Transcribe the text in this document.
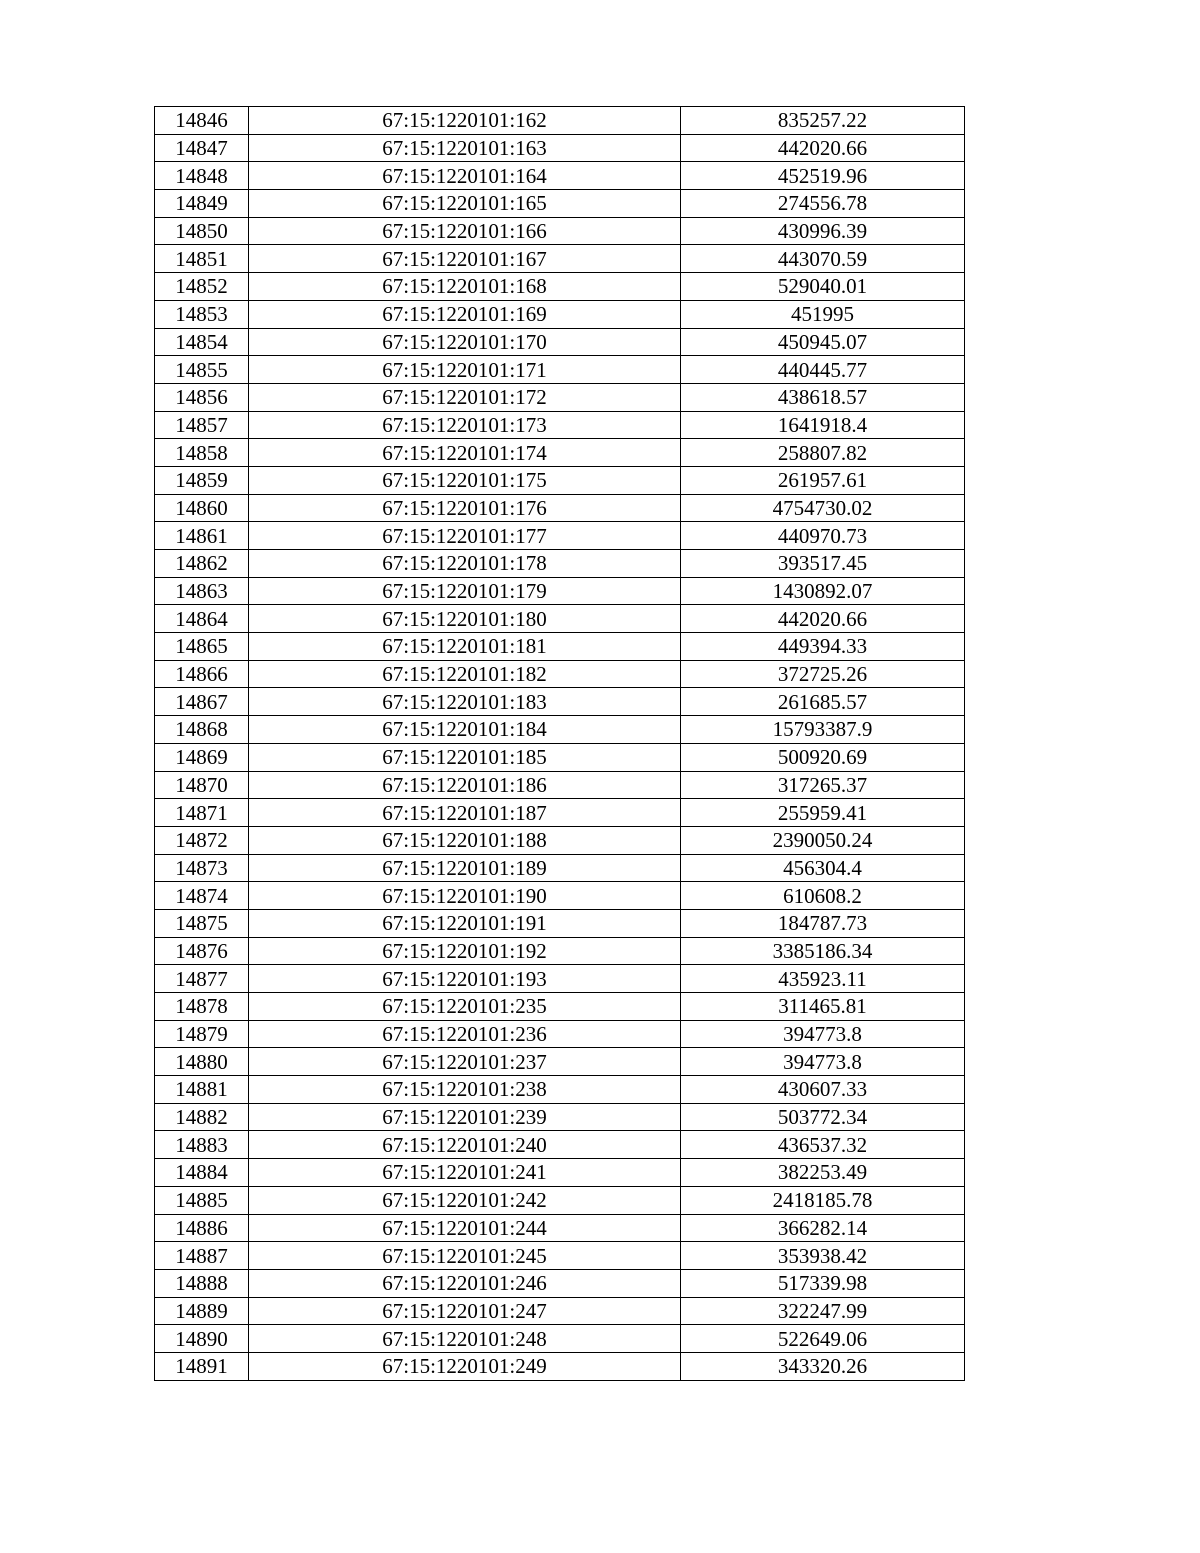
14846	67:15:1220101:162	835257.22
14847	67:15:1220101:163	442020.66
14848	67:15:1220101:164	452519.96
14849	67:15:1220101:165	274556.78
14850	67:15:1220101:166	430996.39
14851	67:15:1220101:167	443070.59
14852	67:15:1220101:168	529040.01
14853	67:15:1220101:169	451995
14854	67:15:1220101:170	450945.07
14855	67:15:1220101:171	440445.77
14856	67:15:1220101:172	438618.57
14857	67:15:1220101:173	1641918.4
14858	67:15:1220101:174	258807.82
14859	67:15:1220101:175	261957.61
14860	67:15:1220101:176	4754730.02
14861	67:15:1220101:177	440970.73
14862	67:15:1220101:178	393517.45
14863	67:15:1220101:179	1430892.07
14864	67:15:1220101:180	442020.66
14865	67:15:1220101:181	449394.33
14866	67:15:1220101:182	372725.26
14867	67:15:1220101:183	261685.57
14868	67:15:1220101:184	15793387.9
14869	67:15:1220101:185	500920.69
14870	67:15:1220101:186	317265.37
14871	67:15:1220101:187	255959.41
14872	67:15:1220101:188	2390050.24
14873	67:15:1220101:189	456304.4
14874	67:15:1220101:190	610608.2
14875	67:15:1220101:191	184787.73
14876	67:15:1220101:192	3385186.34
14877	67:15:1220101:193	435923.11
14878	67:15:1220101:235	311465.81
14879	67:15:1220101:236	394773.8
14880	67:15:1220101:237	394773.8
14881	67:15:1220101:238	430607.33
14882	67:15:1220101:239	503772.34
14883	67:15:1220101:240	436537.32
14884	67:15:1220101:241	382253.49
14885	67:15:1220101:242	2418185.78
14886	67:15:1220101:244	366282.14
14887	67:15:1220101:245	353938.42
14888	67:15:1220101:246	517339.98
14889	67:15:1220101:247	322247.99
14890	67:15:1220101:248	522649.06
14891	67:15:1220101:249	343320.26
